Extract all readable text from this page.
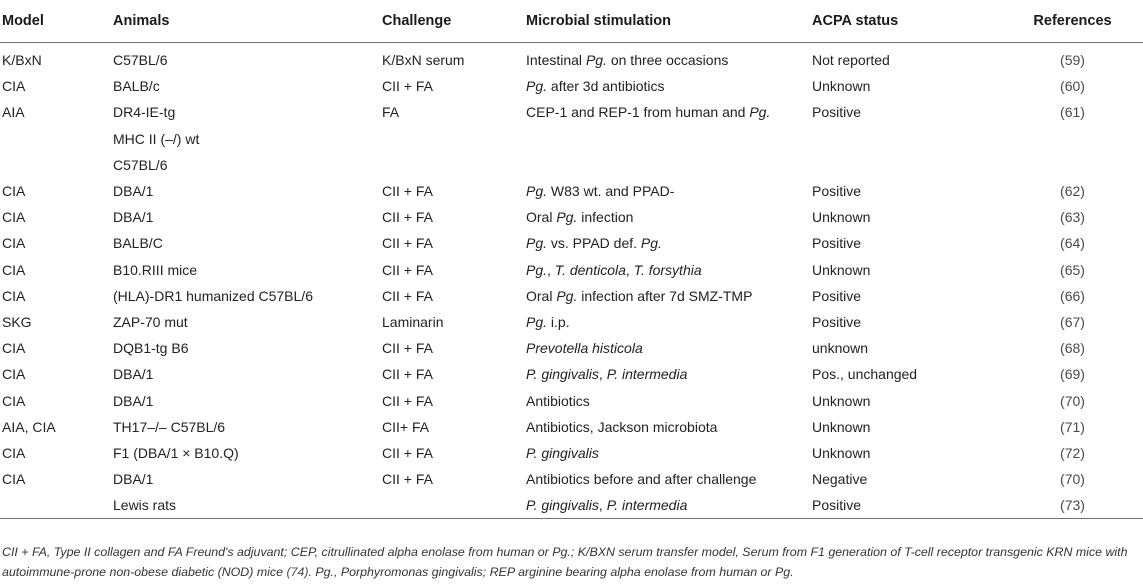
Model	Animals	Challenge	Microbial stimulation	ACPA status	References
K/BxN	C57BL/6	K/BxN serum	Intestinal Pg. on three occasions	Not reported	(59)
CIA	BALB/c	CII + FA	Pg. after 3d antibiotics	Unknown	(60)
AIA	DR4-IE-tg	FA	CEP-1 and REP-1 from human and Pg.	Positive	(61)
	MHC II (–/) wt				
	C57BL/6				
CIA	DBA/1	CII + FA	Pg. W83 wt. and PPAD-	Positive	(62)
CIA	DBA/1	CII + FA	Oral Pg. infection	Unknown	(63)
CIA	BALB/C	CII + FA	Pg. vs. PPAD def. Pg.	Positive	(64)
CIA	B10.RIII mice	CII + FA	Pg., T. denticola, T. forsythia	Unknown	(65)
CIA	(HLA)-DR1 humanized C57BL/6	CII + FA	Oral Pg. infection after 7d SMZ-TMP	Positive	(66)
SKG	ZAP-70 mut	Laminarin	Pg. i.p.	Positive	(67)
CIA	DQB1-tg B6	CII + FA	Prevotella histicola	unknown	(68)
CIA	DBA/1	CII + FA	P. gingivalis, P. intermedia	Pos., unchanged	(69)
CIA	DBA/1	CII + FA	Antibiotics	Unknown	(70)
AIA, CIA	TH17–/– C57BL/6	CII+ FA	Antibiotics, Jackson microbiota	Unknown	(71)
CIA	F1 (DBA/1 × B10.Q)	CII + FA	P. gingivalis	Unknown	(72)
CIA	DBA/1	CII + FA	Antibiotics before and after challenge	Negative	(70)
	Lewis rats		P. gingivalis, P. intermedia	Positive	(73)
CII + FA, Type II collagen and FA Freund's adjuvant; CEP, citrullinated alpha enolase from human or Pg.; K/BXN serum transfer model, Serum from F1 generation of T-cell receptor transgenic KRN mice with autoimmune-prone non-obese diabetic (NOD) mice (74). Pg., Porphyromonas gingivalis; REP arginine bearing alpha enolase from human or Pg.
